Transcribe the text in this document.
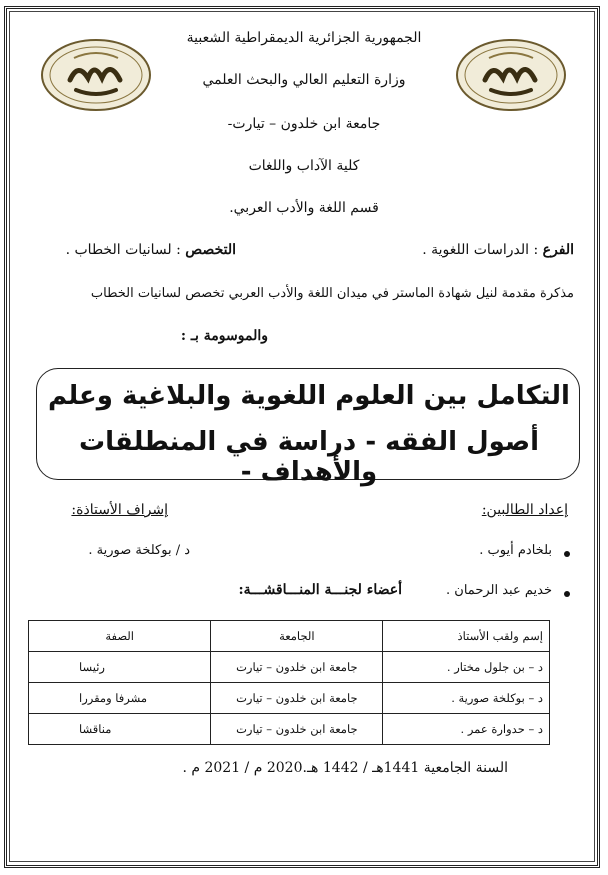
الجمهورية الجزائرية الديمقراطية الشعبية
وزارة التعليم العالي والبحث العلمي
جامعة ابن خلدون – تيارت-
كلية الآداب واللغات
قسم اللغة والأدب العربي.
الفرع : الدراسات اللغوية .
التخصص : لسانيات الخطاب .
مذكرة مقدمة لنيل شهادة الماستر في ميدان اللغة والأدب العربي تخصص لسانيات الخطاب
والموسومة بـ :
التكامل بين العلوم اللغوية والبلاغية وعلم
أصول الفقه - دراسة في المنطلقات والأهداف -
إعداد الطالبين:
إشراف الأستاذة:
بلخادم أيوب .
د / بوكلخة صورية .
خديم عبد الرحمان .
أعضاء لجنـــة المنـــاقشـــة:
إسم ولقب الأستاذ	الجامعة	الصفة
د – بن جلول مختار .	جامعة ابن خلدون – تيارت	رئيسا
د – بوكلخة صورية .	جامعة ابن خلدون – تيارت	مشرفا ومقررا
د – حدوارة عمر .	جامعة ابن خلدون – تيارت	مناقشا
السنة الجامعية 1441هـ / 1442 هـ.2020 م / 2021 م .
